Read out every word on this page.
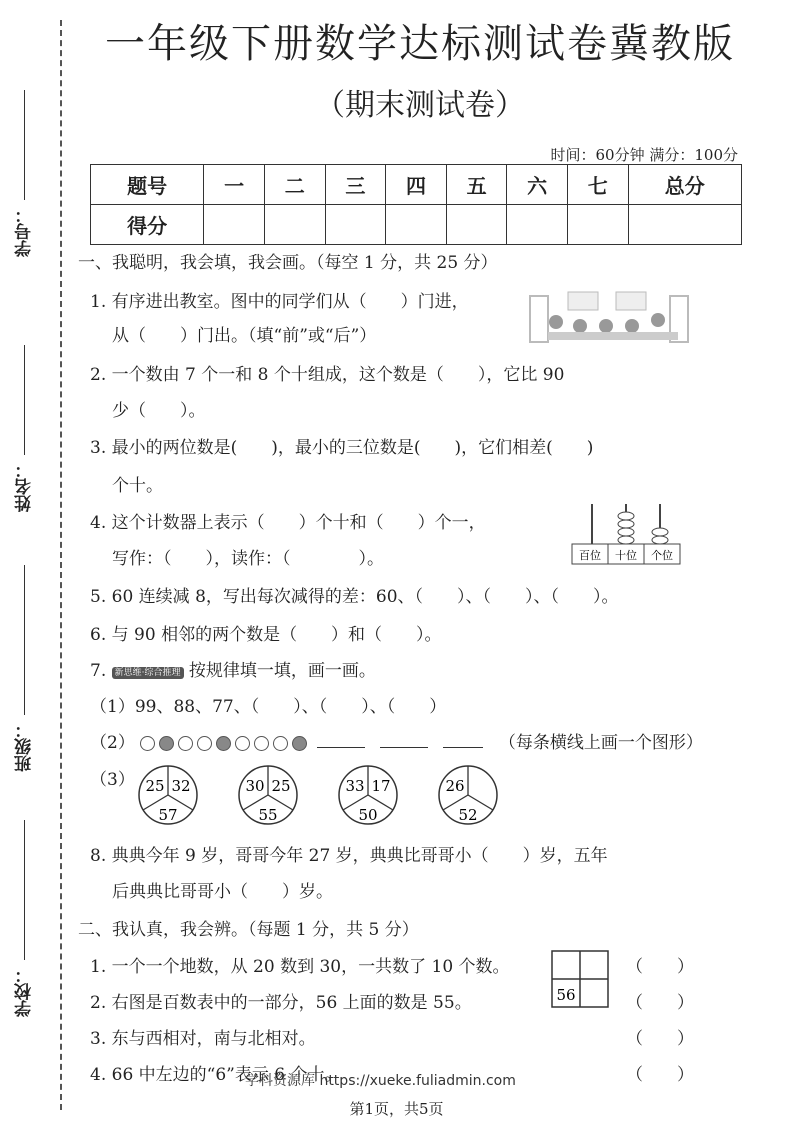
学号：
姓名：
班级：
学校：
一年级下册数学达标测试卷冀教版
（期末测试卷）
时间：60分钟 满分：100分
题号	一	二	三	四	五	六	七	总分
得分								
一、我聪明，我会填，我会画。（每空 1 分，共 25 分）
1. 有序进出教室。图中的同学们从（　　）门进，
从（　　）门出。（填“前”或“后”）
2. 一个数由 7 个一和 8 个十组成，这个数是（　　），它比 90
少（　　）。
3. 最小的两位数是(　　)，最小的三位数是(　　)，它们相差(　　)
个十。
4. 这个计数器上表示（　　）个十和（　　）个一，
写作：（　　），读作：（　　　　）。	百位 十位 个位
5. 60 连续减 8，写出每次减得的差：60、（　　）、（　　）、（　　）。
6. 与 90 相邻的两个数是（　　）和（　　）。
7. 新思维·综合推理 按规律填一填，画一画。
（1）99、88、77、（　　）、（　　）、（　　）
（2）	（每条横线上画一个图形）
（3） 25 32
57
30 25
55
33 17
50
26
52
8. 典典今年 9 岁，哥哥今年 27 岁，典典比哥哥小（　　）岁，五年
后典典比哥哥小（　　）岁。
二、我认真，我会辨。（每题 1 分，共 5 分）
1. 一个一个地数，从 20 数到 30，一共数了 10 个数。
2. 右图是百数表中的一部分，56 上面的数是 55。
3. 东与西相对，南与北相对。
4. 66 中左边的“6”表示 6 个十。
（　　）
（　　）
（　　）
（　　）
56
学科资源库 https://xueke.fuliadmin.com
第1页，共5页
